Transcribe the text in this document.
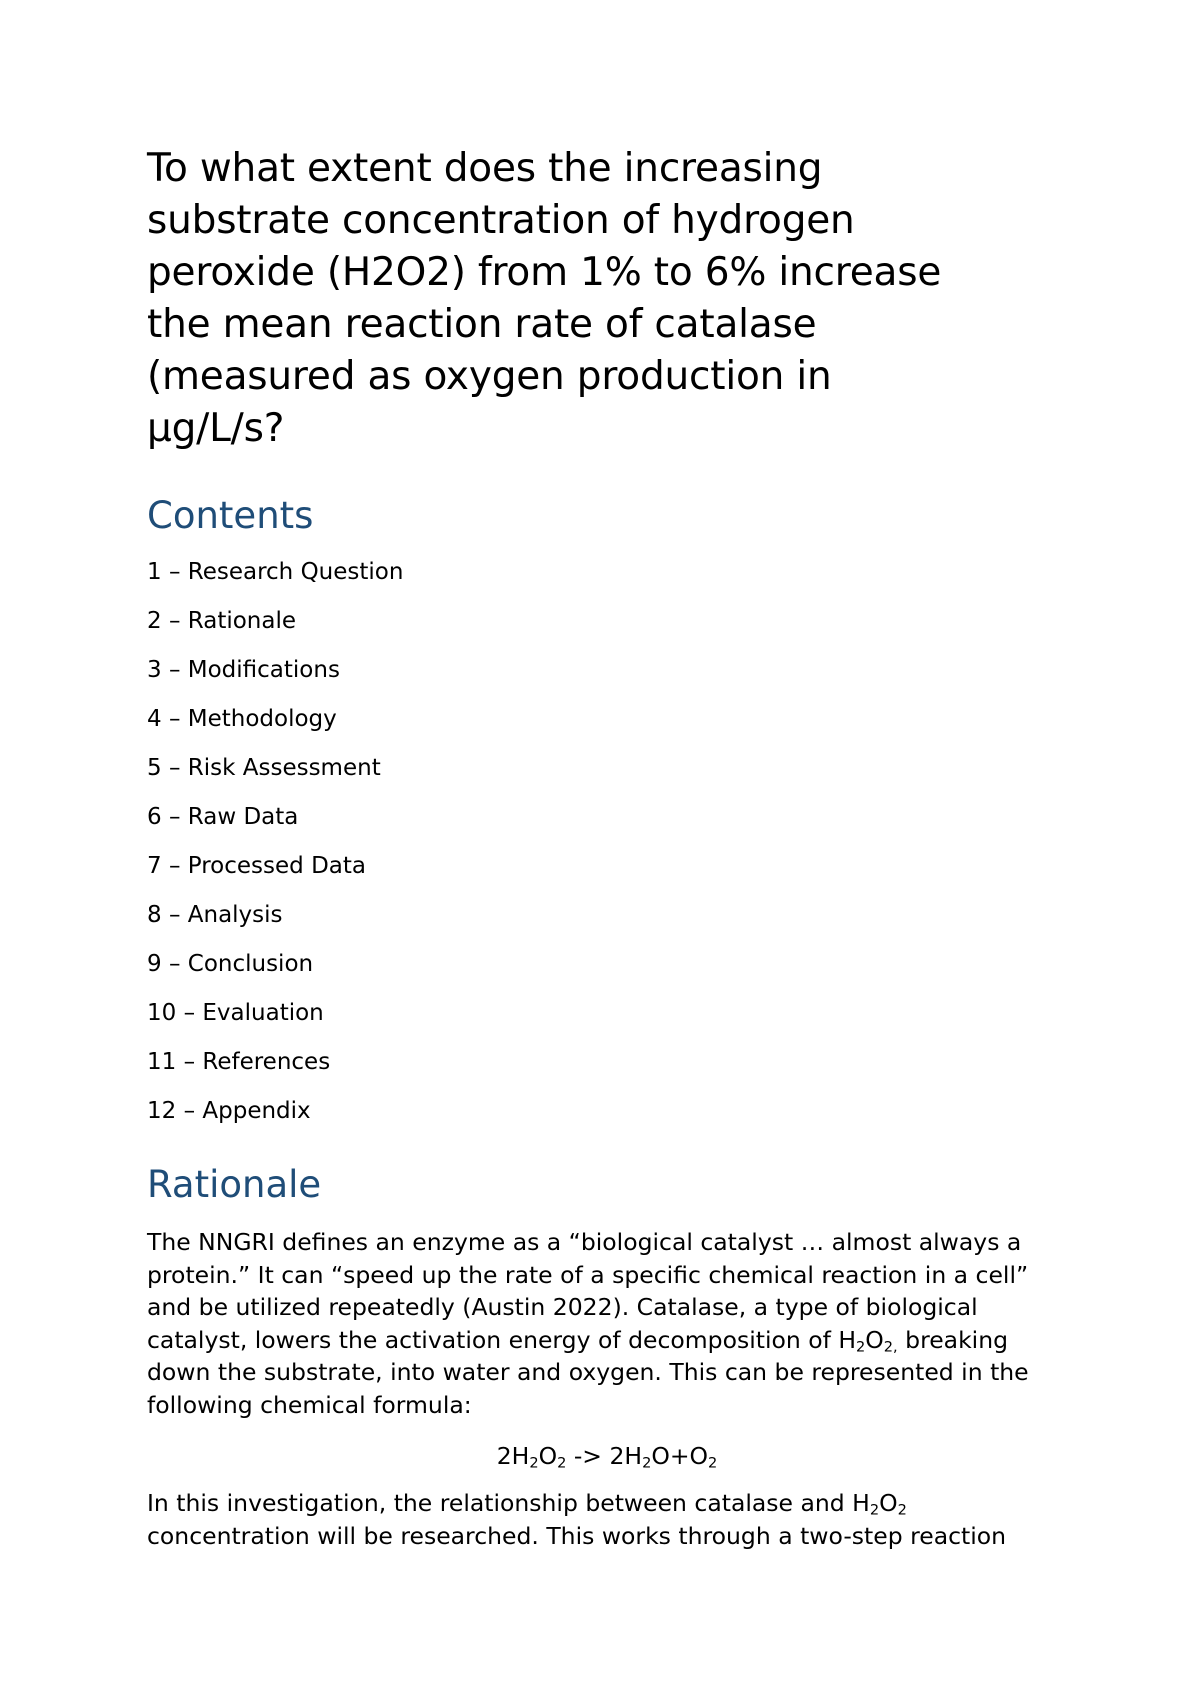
To what extent does the increasing
substrate concentration of hydrogen
peroxide (H2O2) from 1% to 6% increase
the mean reaction rate of catalase
(measured as oxygen production in
µg/L/s?
Contents
1 – Research Question
2 – Rationale
3 – Modifications
4 – Methodology
5 – Risk Assessment
6 – Raw Data
7 – Processed Data
8 – Analysis
9 – Conclusion
10 – Evaluation
11 – References
12 – Appendix
Rationale

The NNGRI defines an enzyme as a “biological catalyst … almost always a
protein.” It can “speed up the rate of a specific chemical reaction in a cell”
and be utilized repeatedly (Austin 2022). Catalase, a type of biological
catalyst, lowers the activation energy of decomposition of $H_2O_{2,}$ breaking
down the substrate, into water and oxygen. This can be represented in the
following chemical formula:

$2H_2O_2 -> 2H_2O+O_2$

In this investigation, the relationship between catalase and $H_2O_2$
concentration will be researched. This works through a two-step reaction
